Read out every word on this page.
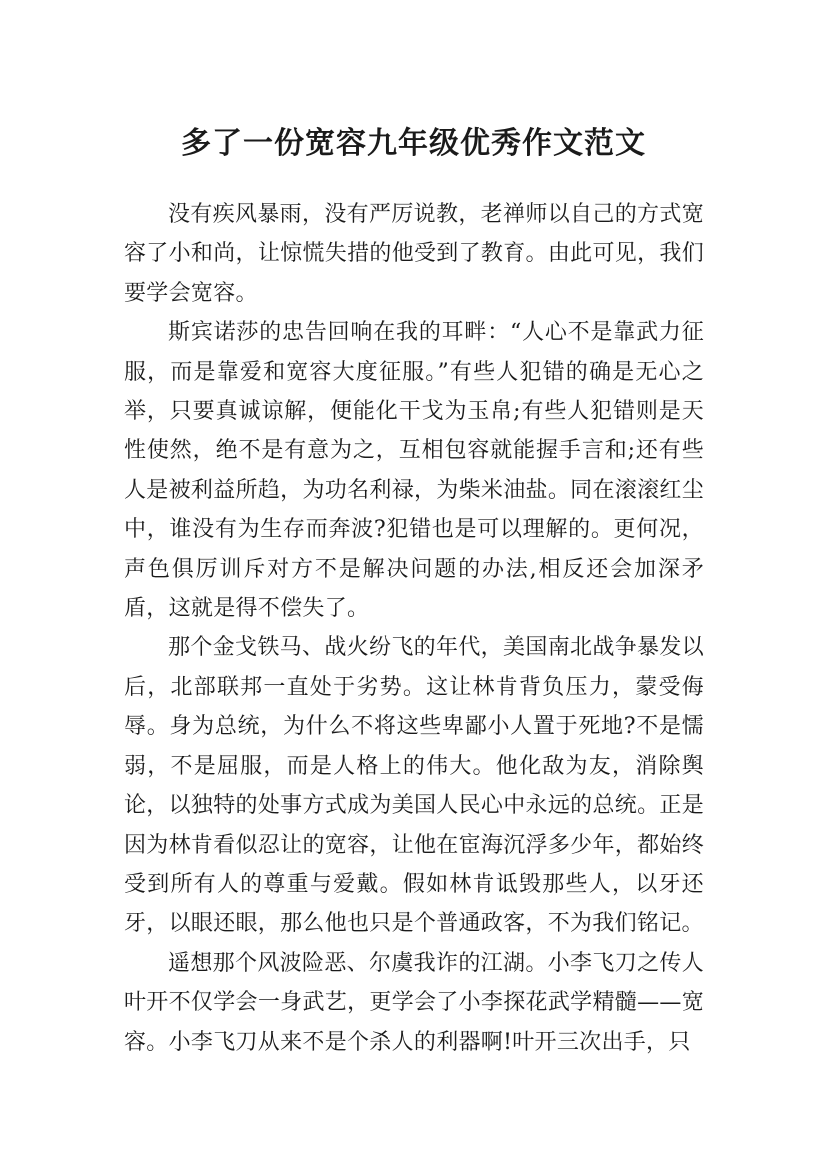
多了一份宽容九年级优秀作文范文

没有疾风暴雨，没有严厉说教，老禅师以自己的方式宽容了小和尚，让惊慌失措的他受到了教育。由此可见，我们要学会宽容。

斯宾诺莎的忠告回响在我的耳畔：“人心不是靠武力征服，而是靠爱和宽容大度征服。”有些人犯错的确是无心之举，只要真诚谅解，便能化干戈为玉帛;有些人犯错则是天性使然，绝不是有意为之，互相包容就能握手言和;还有些人是被利益所趋，为功名利禄，为柴米油盐。同在滚滚红尘中，谁没有为生存而奔波?犯错也是可以理解的。更何况，声色俱厉训斥对方不是解决问题的办法,相反还会加深矛盾，这就是得不偿失了。

那个金戈铁马、战火纷飞的年代，美国南北战争暴发以后，北部联邦一直处于劣势。这让林肯背负压力，蒙受侮辱。身为总统，为什么不将这些卑鄙小人置于死地?不是懦弱，不是屈服，而是人格上的伟大。他化敌为友，消除舆论，以独特的处事方式成为美国人民心中永远的总统。正是因为林肯看似忍让的宽容，让他在宦海沉浮多少年，都始终受到所有人的尊重与爱戴。假如林肯诋毁那些人，以牙还牙，以眼还眼，那么他也只是个普通政客，不为我们铭记。

遥想那个风波险恶、尔虞我诈的江湖。小李飞刀之传人叶开不仅学会一身武艺，更学会了小李探花武学精髓——宽容。小李飞刀从来不是个杀人的利器啊!叶开三次出手，只
